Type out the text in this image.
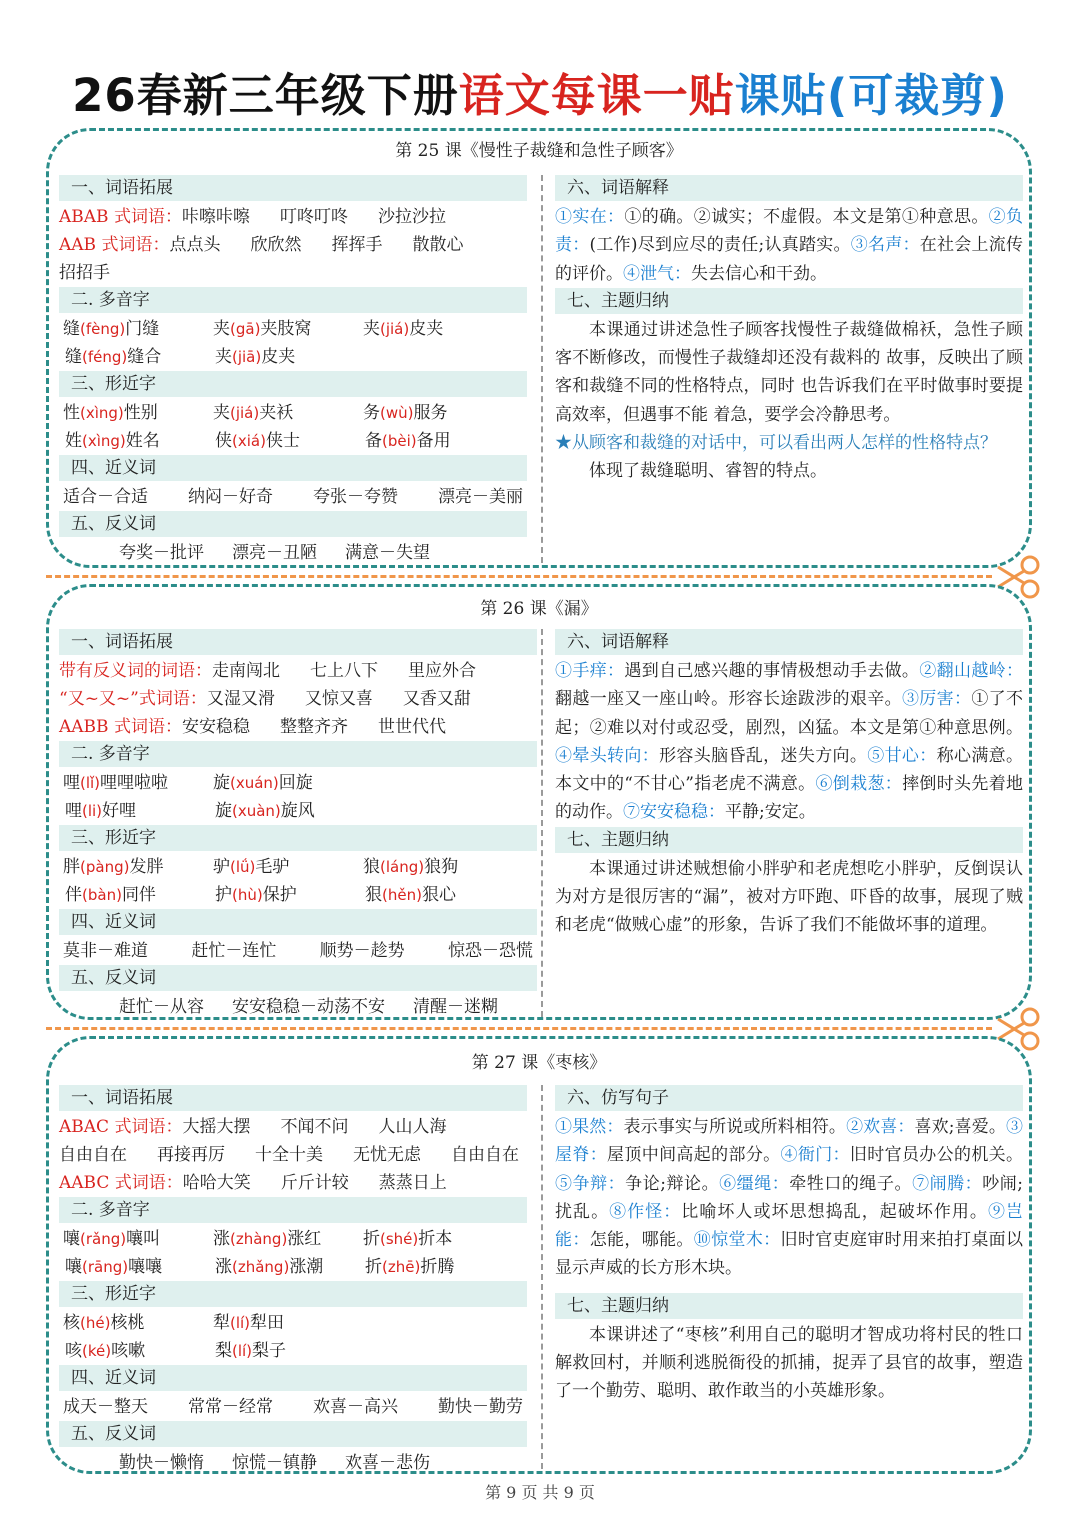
26春新三年级下册语文每课一贴课贴(可裁剪)
第 25 课《慢性子裁缝和急性子顾客》
一、词语拓展
ABAB 式词语： 咔嚓咔嚓 叮咚叮咚 沙拉沙拉
AAB 式词语： 点点头 欣欣然 挥挥手 散散心
招招手
二. 多音字
缝(fèng)门缝	夹(gā)夹肢窝	夹(jiá)皮夹
缝(féng)缝合	夹(jiā)皮夹
三、形近字
性(xìng)性别	夹(jiá)夹袄	务(wù)服务
姓(xìng)姓名	侠(xiá)侠士	备(bèi)备用
四、近义词
适合－合适 纳闷－好奇 夸张－夸赞 漂亮－美丽
五、反义词
夸奖－批评 漂亮－丑陋 满意－失望
六、词语解释
①实在：①的确。②诚实；不虚假。本文是第①种意思。②负责：(工作)尽到应尽的责任;认真踏实。③名声：在社会上流传的评价。④泄气：失去信心和干劲。
七、主题归纳
本课通过讲述急性子顾客找慢性子裁缝做棉袄，急性子顾客不断修改，而慢性子裁缝却还没有裁料的 故事，反映出了顾客和裁缝不同的性格特点，同时 也告诉我们在平时做事时要提高效率，但遇事不能 着急，要学会冷静思考。
★从顾客和裁缝的对话中，可以看出两人怎样的性格特点？
体现了裁缝聪明、睿智的特点。
第 26 课《漏》
一、词语拓展
带有反义词的词语： 走南闯北 七上八下 里应外合
“又~又~”式词语： 又湿又滑 又惊又喜 又香又甜
AABB 式词语： 安安稳稳 整整齐齐 世世代代
二. 多音字
哩(lǐ)哩哩啦啦	旋(xuán)回旋
哩(li)好哩	旋(xuàn)旋风
三、形近字
胖(pàng)发胖	驴(lǘ)毛驴	狼(láng)狼狗
伴(bàn)同伴	护(hù)保护	狠(hěn)狠心
四、近义词
莫非－难道	赶忙－连忙	顺势－趁势	惊恐－恐慌
五、反义词
赶忙－从容 安安稳稳－动荡不安 清醒－迷糊
六、词语解释
①手痒：遇到自己感兴趣的事情极想动手去做。②翻山越岭：翻越一座又一座山岭。形容长途跋涉的艰辛。③厉害：①了不起；②难以对付或忍受，剧烈，凶猛。本文是第①种意思例。④晕头转向：形容头脑昏乱，迷失方向。⑤甘心：称心满意。本文中的“不甘心”指老虎不满意。⑥倒栽葱：摔倒时头先着地的动作。⑦安安稳稳：平静;安定。
七、主题归纳
本课通过讲述贼想偷小胖驴和老虎想吃小胖驴，反倒误认为对方是很厉害的“漏”，被对方吓跑、吓昏的故事，展现了贼和老虎“做贼心虚”的形象，告诉了我们不能做坏事的道理。
第 27 课《枣核》
一、词语拓展
ABAC 式词语： 大摇大摆 不闻不问 人山人海
自由自在 再接再厉 十全十美 无忧无虑 自由自在
AABC 式词语： 哈哈大笑 斤斤计较 蒸蒸日上
二. 多音字
嚷(rǎng)嚷叫	涨(zhàng)涨红	折(shé)折本
嚷(rāng)嚷嚷	涨(zhǎng)涨潮	折(zhē)折腾
三、形近字
核(hé)核桃	犁(lí)犁田
咳(ké)咳嗽	梨(lí)梨子
四、近义词
成天－整天 常常－经常 欢喜－高兴 勤快－勤劳
五、反义词
勤快－懒惰 惊慌－镇静 欢喜－悲伤
六、仿写句子
①果然：表示事实与所说或所料相符。②欢喜：喜欢;喜爱。③屋脊：屋顶中间高起的部分。④衙门：旧时官员办公的机关。⑤争辩：争论;辩论。⑥缰绳：牵牲口的绳子。⑦闹腾：吵闹;扰乱。⑧作怪：比喻坏人或坏思想捣乱，起破坏作用。⑨岂能：怎能，哪能。⑩惊堂木：旧时官吏庭审时用来拍打桌面以显示声威的长方形木块。
七、主题归纳
本课讲述了“枣核”利用自己的聪明才智成功将村民的牲口解救回村，并顺利逃脱衙役的抓捕，捉弄了县官的故事，塑造了一个勤劳、聪明、敢作敢当的小英雄形象。
第 9 页 共 9 页
